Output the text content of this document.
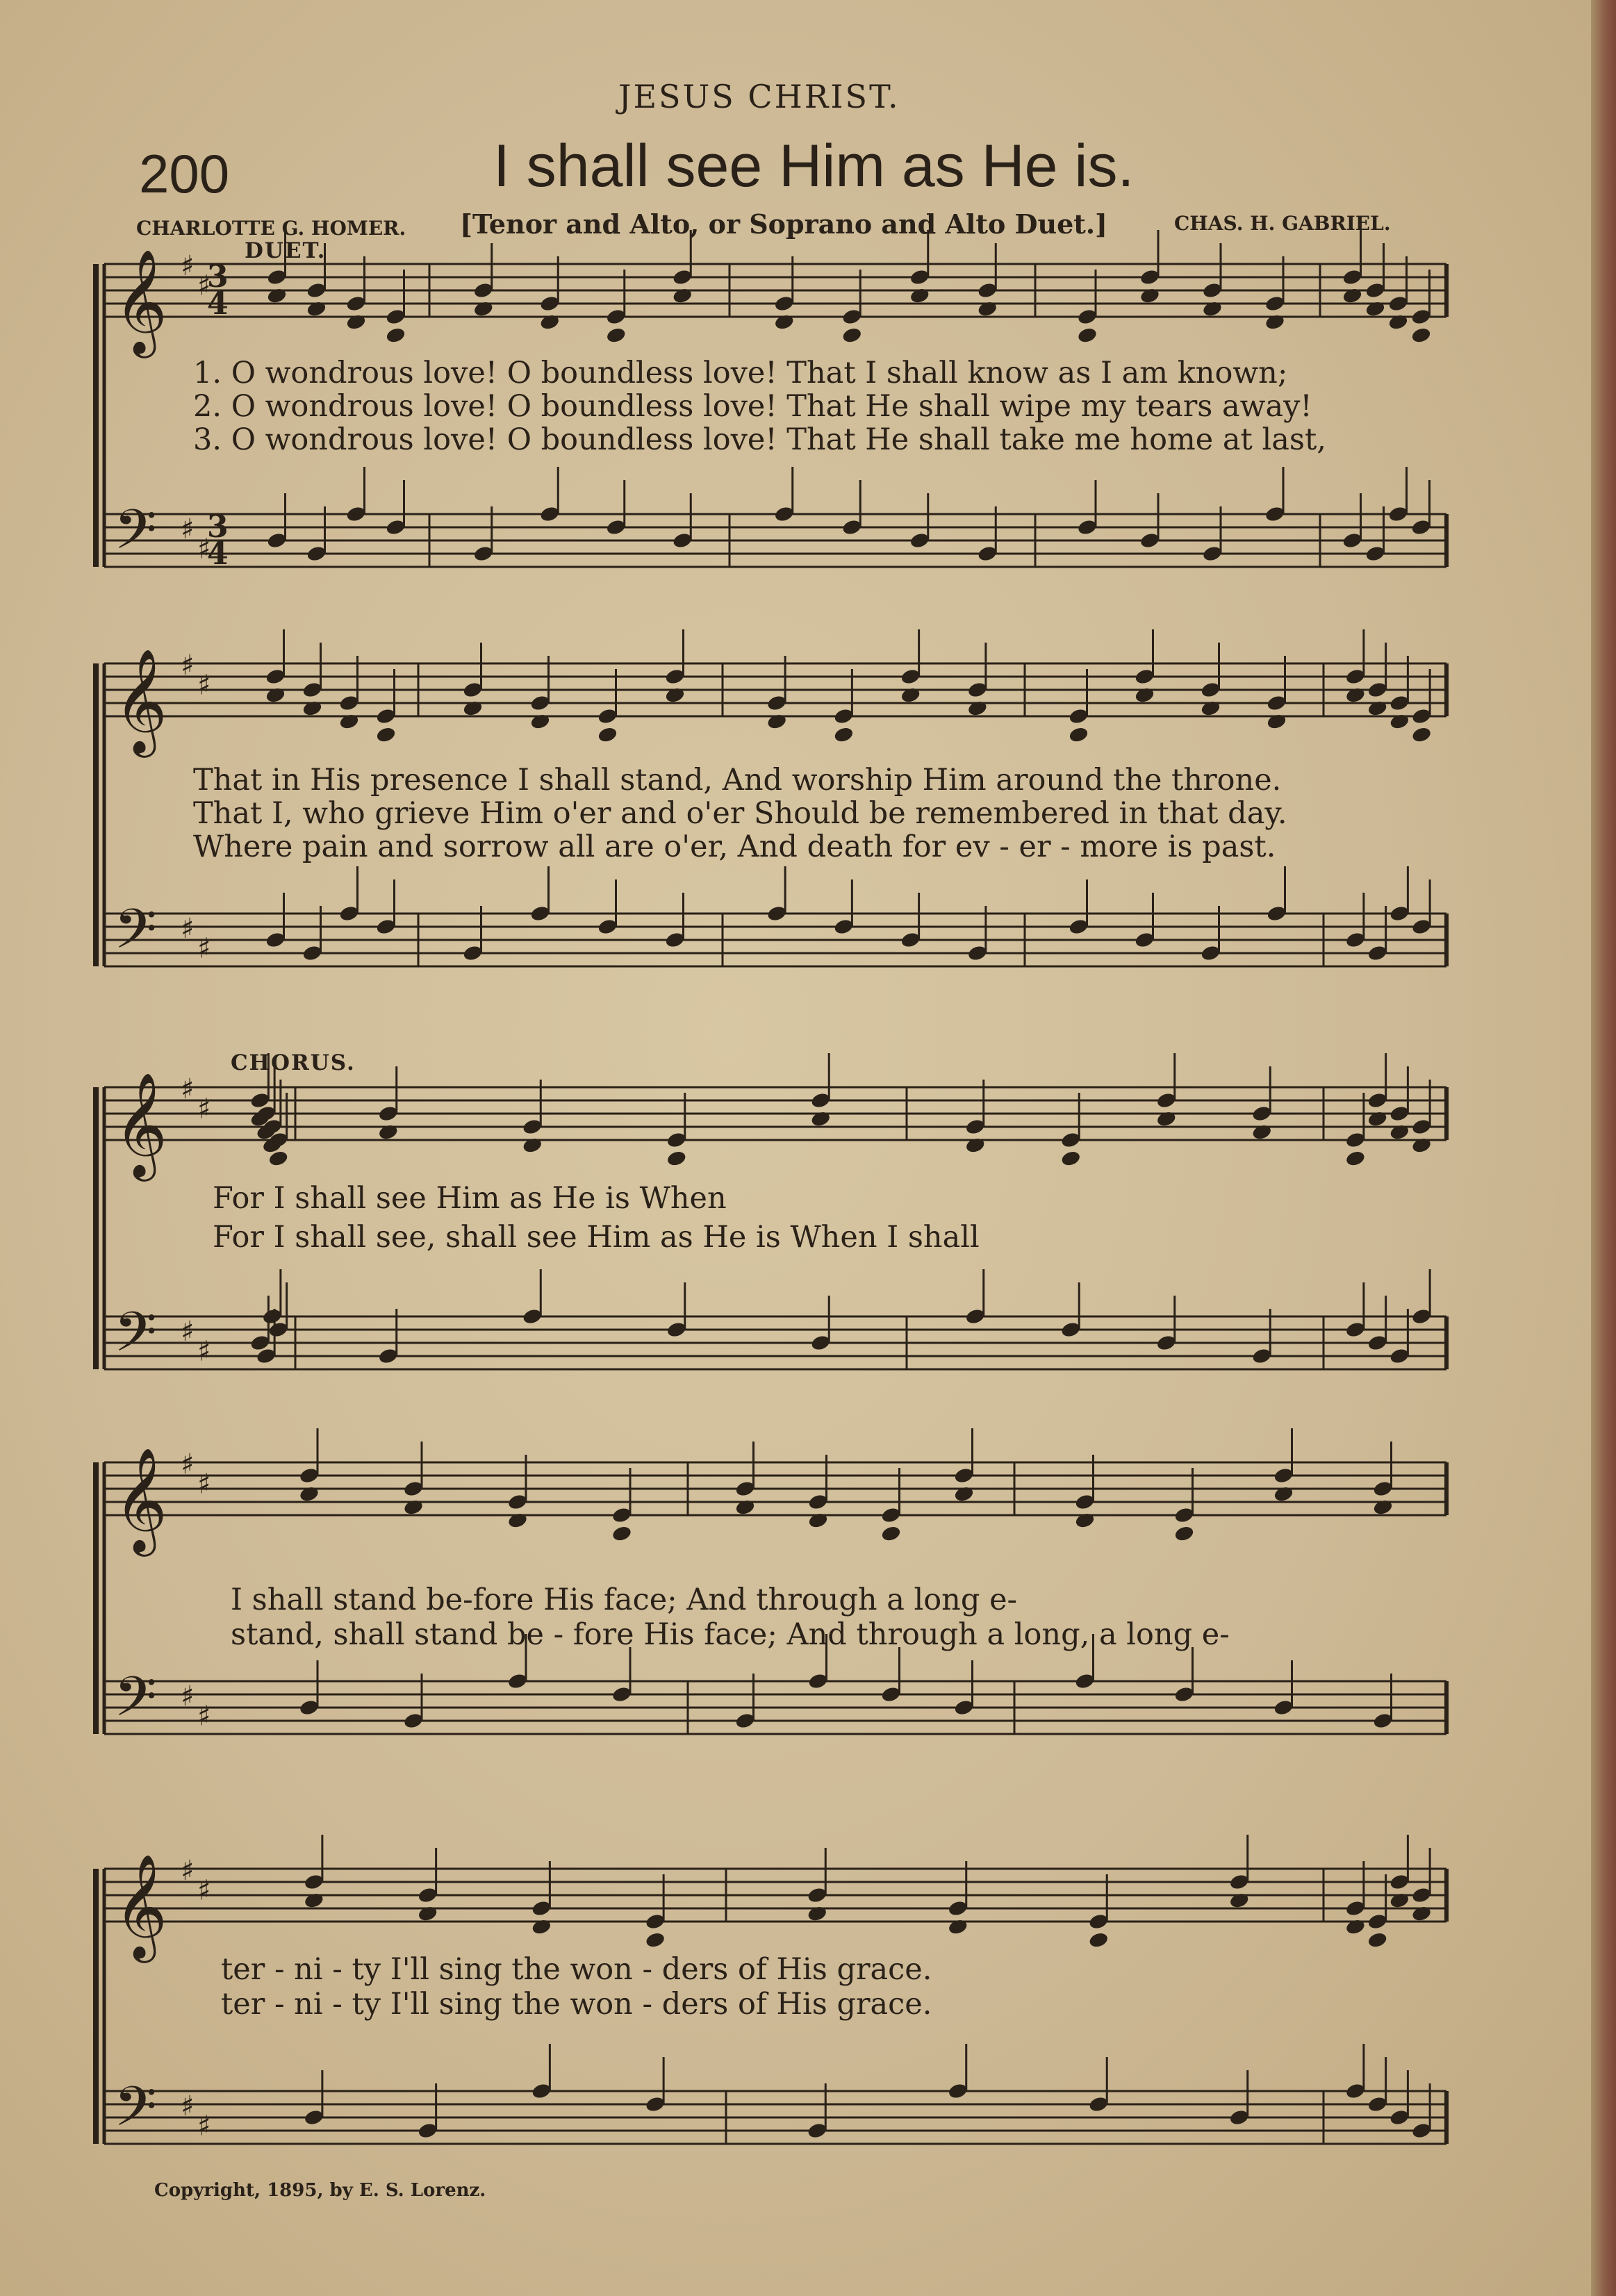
𝄞
𝄢
♯
♯
♯
♯
𝄞
𝄢
♯
♯
♯
♯
𝄞
𝄢
♯
♯
♯
♯
𝄞
𝄢
♯
♯
♯
♯
𝄞
𝄢
♯
♯
♯
♯
3
4
3
4
JESUS CHRIST.
200	I shall see Him as He is.
CHARLOTTE G. HOMER. [Tenor and Alto, or Soprano and Alto Duet.]	CHAS. H. GABRIEL.
DUET.
CHORUS.
1. O wondrous love! O boundless love! That I shall know as I am known;
2. O wondrous love! O boundless love! That He shall wipe my tears away!
3. O wondrous love! O boundless love! That He shall take me home at last,
That in His presence I shall stand, And worship Him around the throne.
That I, who grieve Him o'er and o'er Should be remembered in that day.
Where pain and sorrow all are o'er, And death for ev - er - more is past.
For I shall see Him as He is When
For I shall see, shall see Him as He is When I shall
I shall stand be-fore His face; And through a long e-
stand, shall stand be - fore His face; And through a long, a long e-
ter - ni - ty I'll sing the won - ders of His grace.
ter - ni - ty I'll sing the won - ders of His grace.
Copyright, 1895, by E. S. Lorenz.
